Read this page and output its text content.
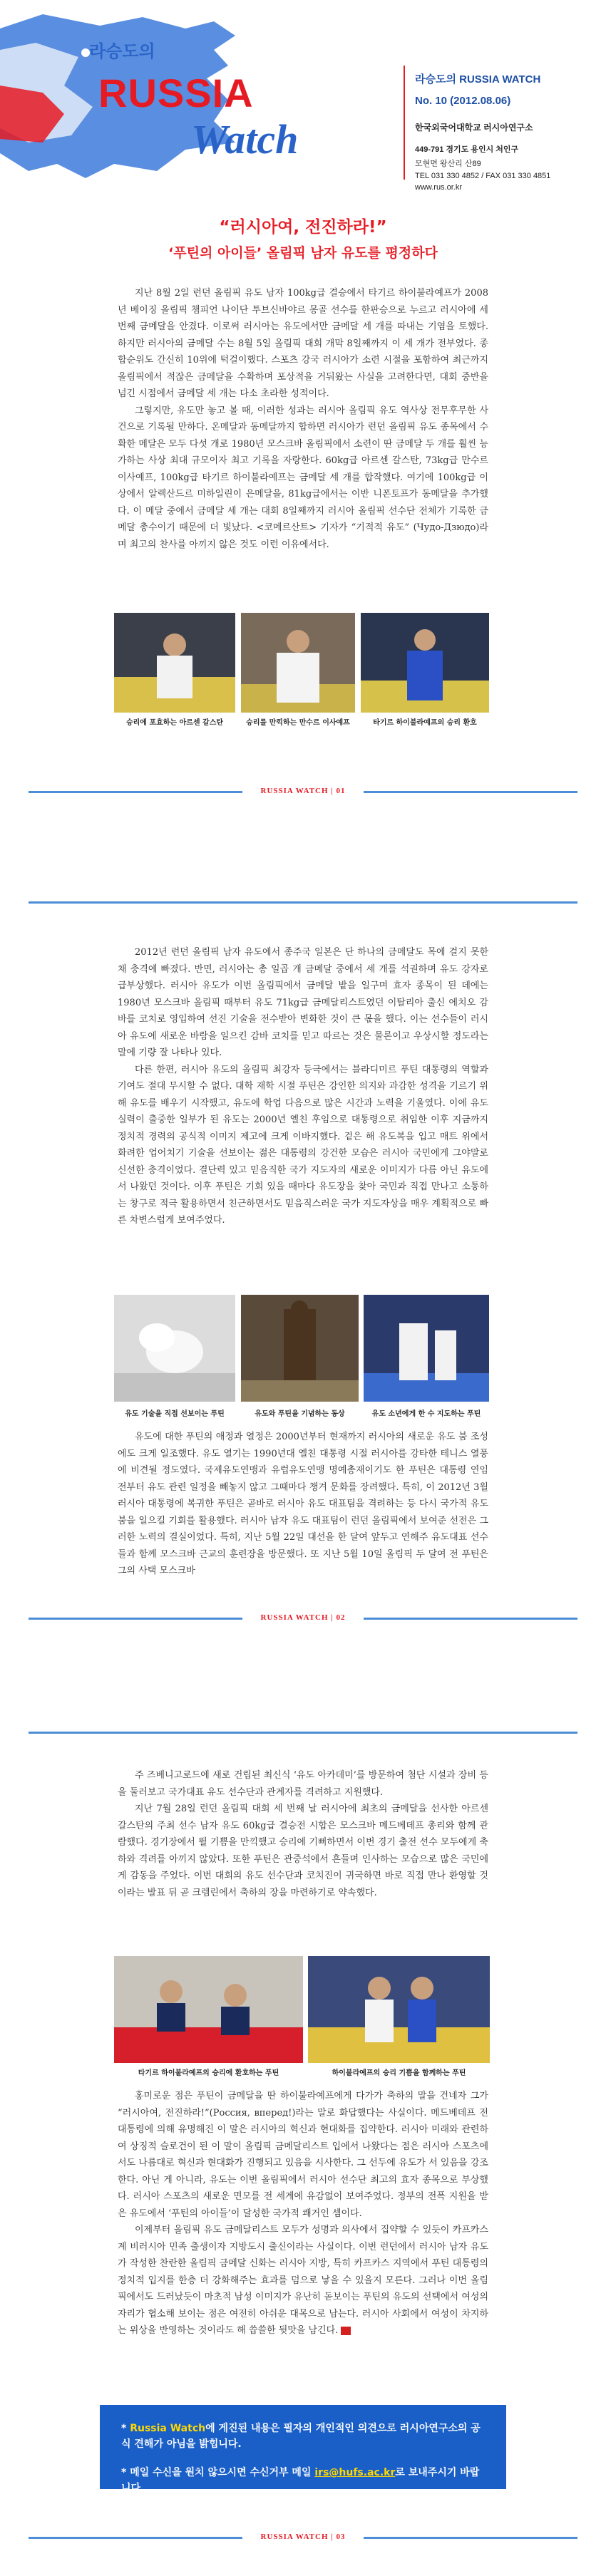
라승도의
RUSSIA
Watch
라승도의 RUSSIA WATCH
No. 10 (2012.08.06)
한국외국어대학교 러시아연구소
449-791 경기도 용인시 처인구
모현면 왕산리 산89
TEL 031 330 4852 / FAX 031 330 4851
www.rus.or.kr
“러시아여, 전진하라!”
‘푸틴의 아이들’ 올림픽 남자 유도를 평정하다

지난 8월 2일 런던 올림픽 유도 남자 100kg급 결승에서 타기르 하이불라예프가 2008년 베이징 올림픽 챔피언 나이단 투브신바야르 몽골 선수를 한판승으로 누르고 러시아에 세 번째 금메달을 안겼다. 이로써 러시아는 유도에서만 금메달 세 개를 따내는 기염을 토했다. 하지만 러시아의 금메달 수는 8월 5일 올림픽 대회 개막 8일째까지 이 세 개가 전부였다. 종합순위도 간신히 10위에 턱걸이했다. 스포츠 강국 러시아가 소련 시절을 포함하여 최근까지 올림픽에서 적잖은 금메달을 수확하며 포상적을 거둬왔는 사실을 고려한다면, 대회 중반을 넘긴 시점에서 금메달 세 개는 다소 초라한 성적이다.

그렇지만, 유도만 놓고 볼 때, 이러한 성과는 러시아 올림픽 유도 역사상 전무후무한 사건으로 기록될 만하다. 온메달과 동메달까지 합하면 러시아가 런던 올림픽 유도 종목에서 수확한 메달은 모두 다섯 개로 1980년 모스크바 올림픽에서 소련이 딴 금메달 두 개를 훨씬 능가하는 사상 최대 규모이자 최고 기록을 자랑한다. 60kg급 아르센 갈스탄, 73kg급 만수르 이사예프, 100kg급 타기르 하이불라예프는 금메달 세 개를 합작했다. 여기에 100kg급 이상에서 알렉산드르 미하일린이 은메달을, 81kg급에서는 이반 니폰토프가 동메달을 추가했다. 이 메달 중에서 금메달 세 개는 대회 8일째까지 러시아 올림픽 선수단 전체가 기록한 금메달 총수이기 때문에 더 빛났다. <코메르산트> 기자가 “기적적 유도” (Чудо-Дзюдо)라며 최고의 찬사를 아끼지 않은 것도 이런 이유에서다.

승리에 포효하는 아르센 갈스탄	승리를 만끽하는 만수르 이사예프	타기르 하이불라예프의 승리 환호
RUSSIA WATCH | 01

2012년 런던 올림픽 남자 유도에서 종주국 일본은 단 하나의 금메달도 목에 걸지 못한 채 충격에 빠졌다. 반면, 러시아는 총 일곱 개 금메달 중에서 세 개를 석권하며 유도 강자로 급부상했다. 러시아 유도가 이번 올림픽에서 금메달 밭을 일구며 효자 종목이 된 데에는 1980년 모스크바 올림픽 때부터 유도 71kg급 금메달리스트였던 이탈리아 출신 에치오 감바를 코치로 영입하여 선진 기술을 전수받아 변화한 것이 큰 몫을 했다. 이는 선수들이 러시아 유도에 새로운 바람을 일으킨 감바 코치를 믿고 따르는 것은 물론이고 우상시할 정도라는 말에 기량 잘 나타나 있다.

다른 한편, 러시아 유도의 올림픽 최강자 등극에서는 블라디미르 푸틴 대통령의 역할과 기여도 절대 무시할 수 없다. 대학 재학 시절 푸틴은 강인한 의지와 과감한 성격을 기르기 위해 유도를 배우기 시작했고, 유도에 학업 다음으로 많은 시간과 노력을 기울였다. 이에 유도 실력이 출중한 일부가 된 유도는 2000년 옐친 후임으로 대통령으로 취임한 이후 지금까지 정치적 경력의 공식적 이미지 제고에 크게 이바지했다. 겉은 해 유도복을 입고 매트 위에서 화려한 업어치기 기술을 선보이는 젊은 대통령의 강건한 모습은 러시아 국민에게 그야말로 신선한 충격이었다. 결단력 있고 믿음직한 국가 지도자의 새로운 이미지가 다름 아닌 유도에서 나왔던 것이다. 이후 푸틴은 기회 있을 때마다 유도장을 찾아 국민과 직접 만나고 소통하는 창구로 적극 활용하면서 친근하면서도 믿음직스러운 국가 지도자상을 매우 계획적으로 빠른 차변스럽게 보여주었다.

유도 기술을 직접 선보이는 푸틴	유도와 푸틴을 기념하는 동상	유도 소년에게 한 수 지도하는 푸틴

유도에 대한 푸틴의 애정과 열정은 2000년부터 현재까지 러시아의 새로운 유도 붐 조성에도 크게 일조했다. 유도 열기는 1990년대 옐친 대통령 시절 러시아를 강타한 테니스 열풍에 비견될 정도였다. 국제유도연맹과 유럽유도연맹 명예총재이기도 한 푸틴은 대통령 연임 전부터 유도 관련 일정을 빼놓지 않고 그때마다 챙겨 문화를 장려했다. 특히, 이 2012년 3월 러시아 대통령에 복귀한 푸틴은 곧바로 러시아 유도 대표팀을 격려하는 등 다시 국가적 유도 붐을 일으킬 기회를 활용했다. 러시아 남자 유도 대표팀이 런던 올림픽에서 보여준 선전은 그러한 노력의 결실이었다. 특히, 지난 5월 22일 대선을 한 달여 앞두고 연해주 유도대표 선수들과 함께 모스크바 근교의 훈련장을 방문했다. 또 지난 5월 10일 올림픽 두 달여 전 푸틴은 그의 사택 모스크바

RUSSIA WATCH | 02

주 즈베니고로드에 새로 건립된 최신식 ‘유도 아카데미’를 방문하여 첨단 시설과 장비 등을 둘러보고 국가대표 유도 선수단과 관계자를 격려하고 지원했다.

지난 7월 28일 런던 올림픽 대회 세 번째 날 러시아에 최초의 금메달을 선사한 아르센 갈스탄의 주최 선수 남자 유도 60kg급 결승전 시합은 모스크바 메드베데프 총리와 함께 관람했다. 경기장에서 뛸 기쁨을 만끽했고 승리에 기뻐하면서 이번 경기 출전 선수 모두에게 축하와 격려를 아끼지 않았다. 또한 푸틴은 관중석에서 흔들며 인사하는 모습으로 많은 국민에게 감동을 주었다. 이번 대회의 유도 선수단과 코치진이 귀국하면 바로 직접 만나 환영할 것이라는 발표 뒤 곧 크렘린에서 축하의 장을 마련하기로 약속했다.

타기르 하이불라예프의 승리에 환호하는 푸틴	하이불라예프의 승리 기쁨을 함께하는 푸틴

홍미로운 점은 푸틴이 금메달을 딴 하이불라예프에게 다가가 축하의 말을 건네자 그가 “러시아여, 전진하라!”(Россия, вперед!)라는 말로 화답했다는 사실이다. 메드베데프 전 대통령에 의해 유명해진 이 말은 러시아의 혁신과 현대화를 집약한다. 러시아 미래와 관련하여 상징적 슬로건이 된 이 말이 올림픽 금메달리스트 입에서 나왔다는 점은 러시아 스포츠에서도 나름대로 혁신과 현대화가 진행되고 있음을 시사한다. 그 선두에 유도가 서 있음을 강조한다. 아닌 게 아니라, 유도는 이번 올림픽에서 러시아 선수단 최고의 효자 종목으로 부상했다. 러시아 스포츠의 새로운 면모를 전 세계에 유감없이 보여주었다. 정부의 전폭 지원을 받은 유도에서 ‘푸틴의 아이들’이 달성한 국가적 쾌거인 셈이다.

이제부터 올림픽 유도 금메달리스트 모두가 성명과 의사에서 집약할 수 있듯이 카프카스 계 비러시아 민족 출생이자 지방도시 출신이라는 사실이다. 이번 런던에서 러시아 남자 유도가 작성한 찬란한 올림픽 금메달 신화는 러시아 지방, 특히 카프카스 지역에서 푸틴 대통령의 정치적 입지를 한층 더 강화해주는 효과를 덤으로 낳을 수 있을지 모른다. 그러나 이번 올림픽에서도 드러났듯이 마초적 남성 이미지가 유난히 돋보이는 푸틴의 유도의 선택에서 여성의 자리가 협소해 보이는 점은 여전히 아쉬운 대목으로 남는다. 러시아 사회에서 여성이 차지하는 위상을 반영하는 것이라도 해 씁쓸한 뒷맛을 남긴다.

* Russia Watch에 게진된 내용은 필자의 개인적인 의견으로 러시아연구소의 공식 견해가 아님을 밝힙니다.
* 메일 수신을 원치 않으시면 수신거부 메일 irs@hufs.ac.kr로 보내주시기 바랍니다.
RUSSIA WATCH | 03
